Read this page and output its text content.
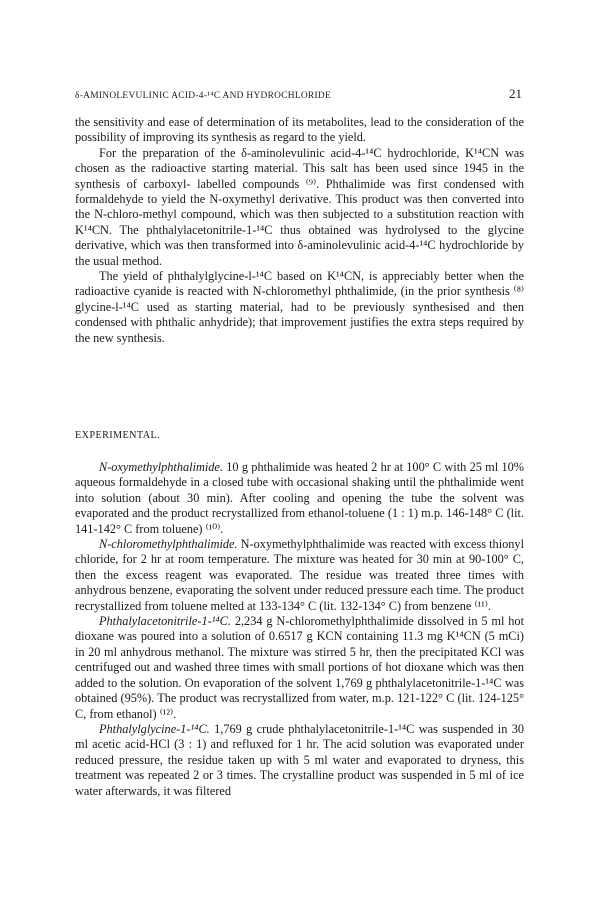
δ-AMINOLEVULINIC ACID-4-¹⁴C AND HYDROCHLORIDE	21

the sensitivity and ease of determination of its metabolites, lead to the consideration of the possibility of improving its synthesis as regard to the yield.

For the preparation of the δ-aminolevulinic acid-4-¹⁴C hydrochloride, K¹⁴CN was chosen as the radioactive starting material. This salt has been used since 1945 in the synthesis of carboxyl- labelled compounds ⁽⁹⁾. Phthalimide was first condensed with formaldehyde to yield the N-oxymethyl derivative. This product was then converted into the N-chloro-methyl compound, which was then subjected to a substitution reaction with K¹⁴CN. The phthalylacetonitrile-1-¹⁴C thus obtained was hydrolysed to the glycine derivative, which was then transformed into δ-aminolevulinic acid-4-¹⁴C hydrochloride by the usual method.

The yield of phthalylglycine-l-¹⁴C based on K¹⁴CN, is appreciably better when the radioactive cyanide is reacted with N-chloromethyl phthalimide, (in the prior synthesis ⁽⁸⁾ glycine-l-¹⁴C used as starting material, had to be previously synthesised and then condensed with phthalic anhydride); that improvement justifies the extra steps required by the new synthesis.

EXPERIMENTAL.

N-oxymethylphthalimide. 10 g phthalimide was heated 2 hr at 100° C with 25 ml 10% aqueous formaldehyde in a closed tube with occasional shaking until the phthalimide went into solution (about 30 min). After cooling and opening the tube the solvent was evaporated and the product recrystallized from ethanol-toluene (1 : 1) m.p. 146-148° C (lit. 141-142° C from toluene) ⁽¹⁰⁾.

N-chloromethylphthalimide. N-oxymethylphthalimide was reacted with excess thionyl chloride, for 2 hr at room temperature. The mixture was heated for 30 min at 90-100° C, then the excess reagent was evaporated. The residue was treated three times with anhydrous benzene, evaporating the solvent under reduced pressure each time. The product recrystallized from toluene melted at 133-134° C (lit. 132-134° C) from benzene ⁽¹¹⁾.

Phthalylacetonitrile-1-¹⁴C. 2,234 g N-chloromethylphthalimide dissolved in 5 ml hot dioxane was poured into a solution of 0.6517 g KCN containing 11.3 mg K¹⁴CN (5 mCi) in 20 ml anhydrous methanol. The mixture was stirred 5 hr, then the precipitated KCl was centrifuged out and washed three times with small portions of hot dioxane which was then added to the solution. On evaporation of the solvent 1,769 g phthalylacetonitrile-1-¹⁴C was obtained (95%). The product was recrystallized from water, m.p. 121-122° C (lit. 124-125° C, from ethanol) ⁽¹²⁾.

Phthalylglycine-1-¹⁴C. 1,769 g crude phthalylacetonitrile-1-¹⁴C was suspended in 30 ml acetic acid-HCl (3 : 1) and refluxed for 1 hr. The acid solution was evaporated under reduced pressure, the residue taken up with 5 ml water and evaporated to dryness, this treatment was repeated 2 or 3 times. The crystalline product was suspended in 5 ml of ice water afterwards, it was filtered
